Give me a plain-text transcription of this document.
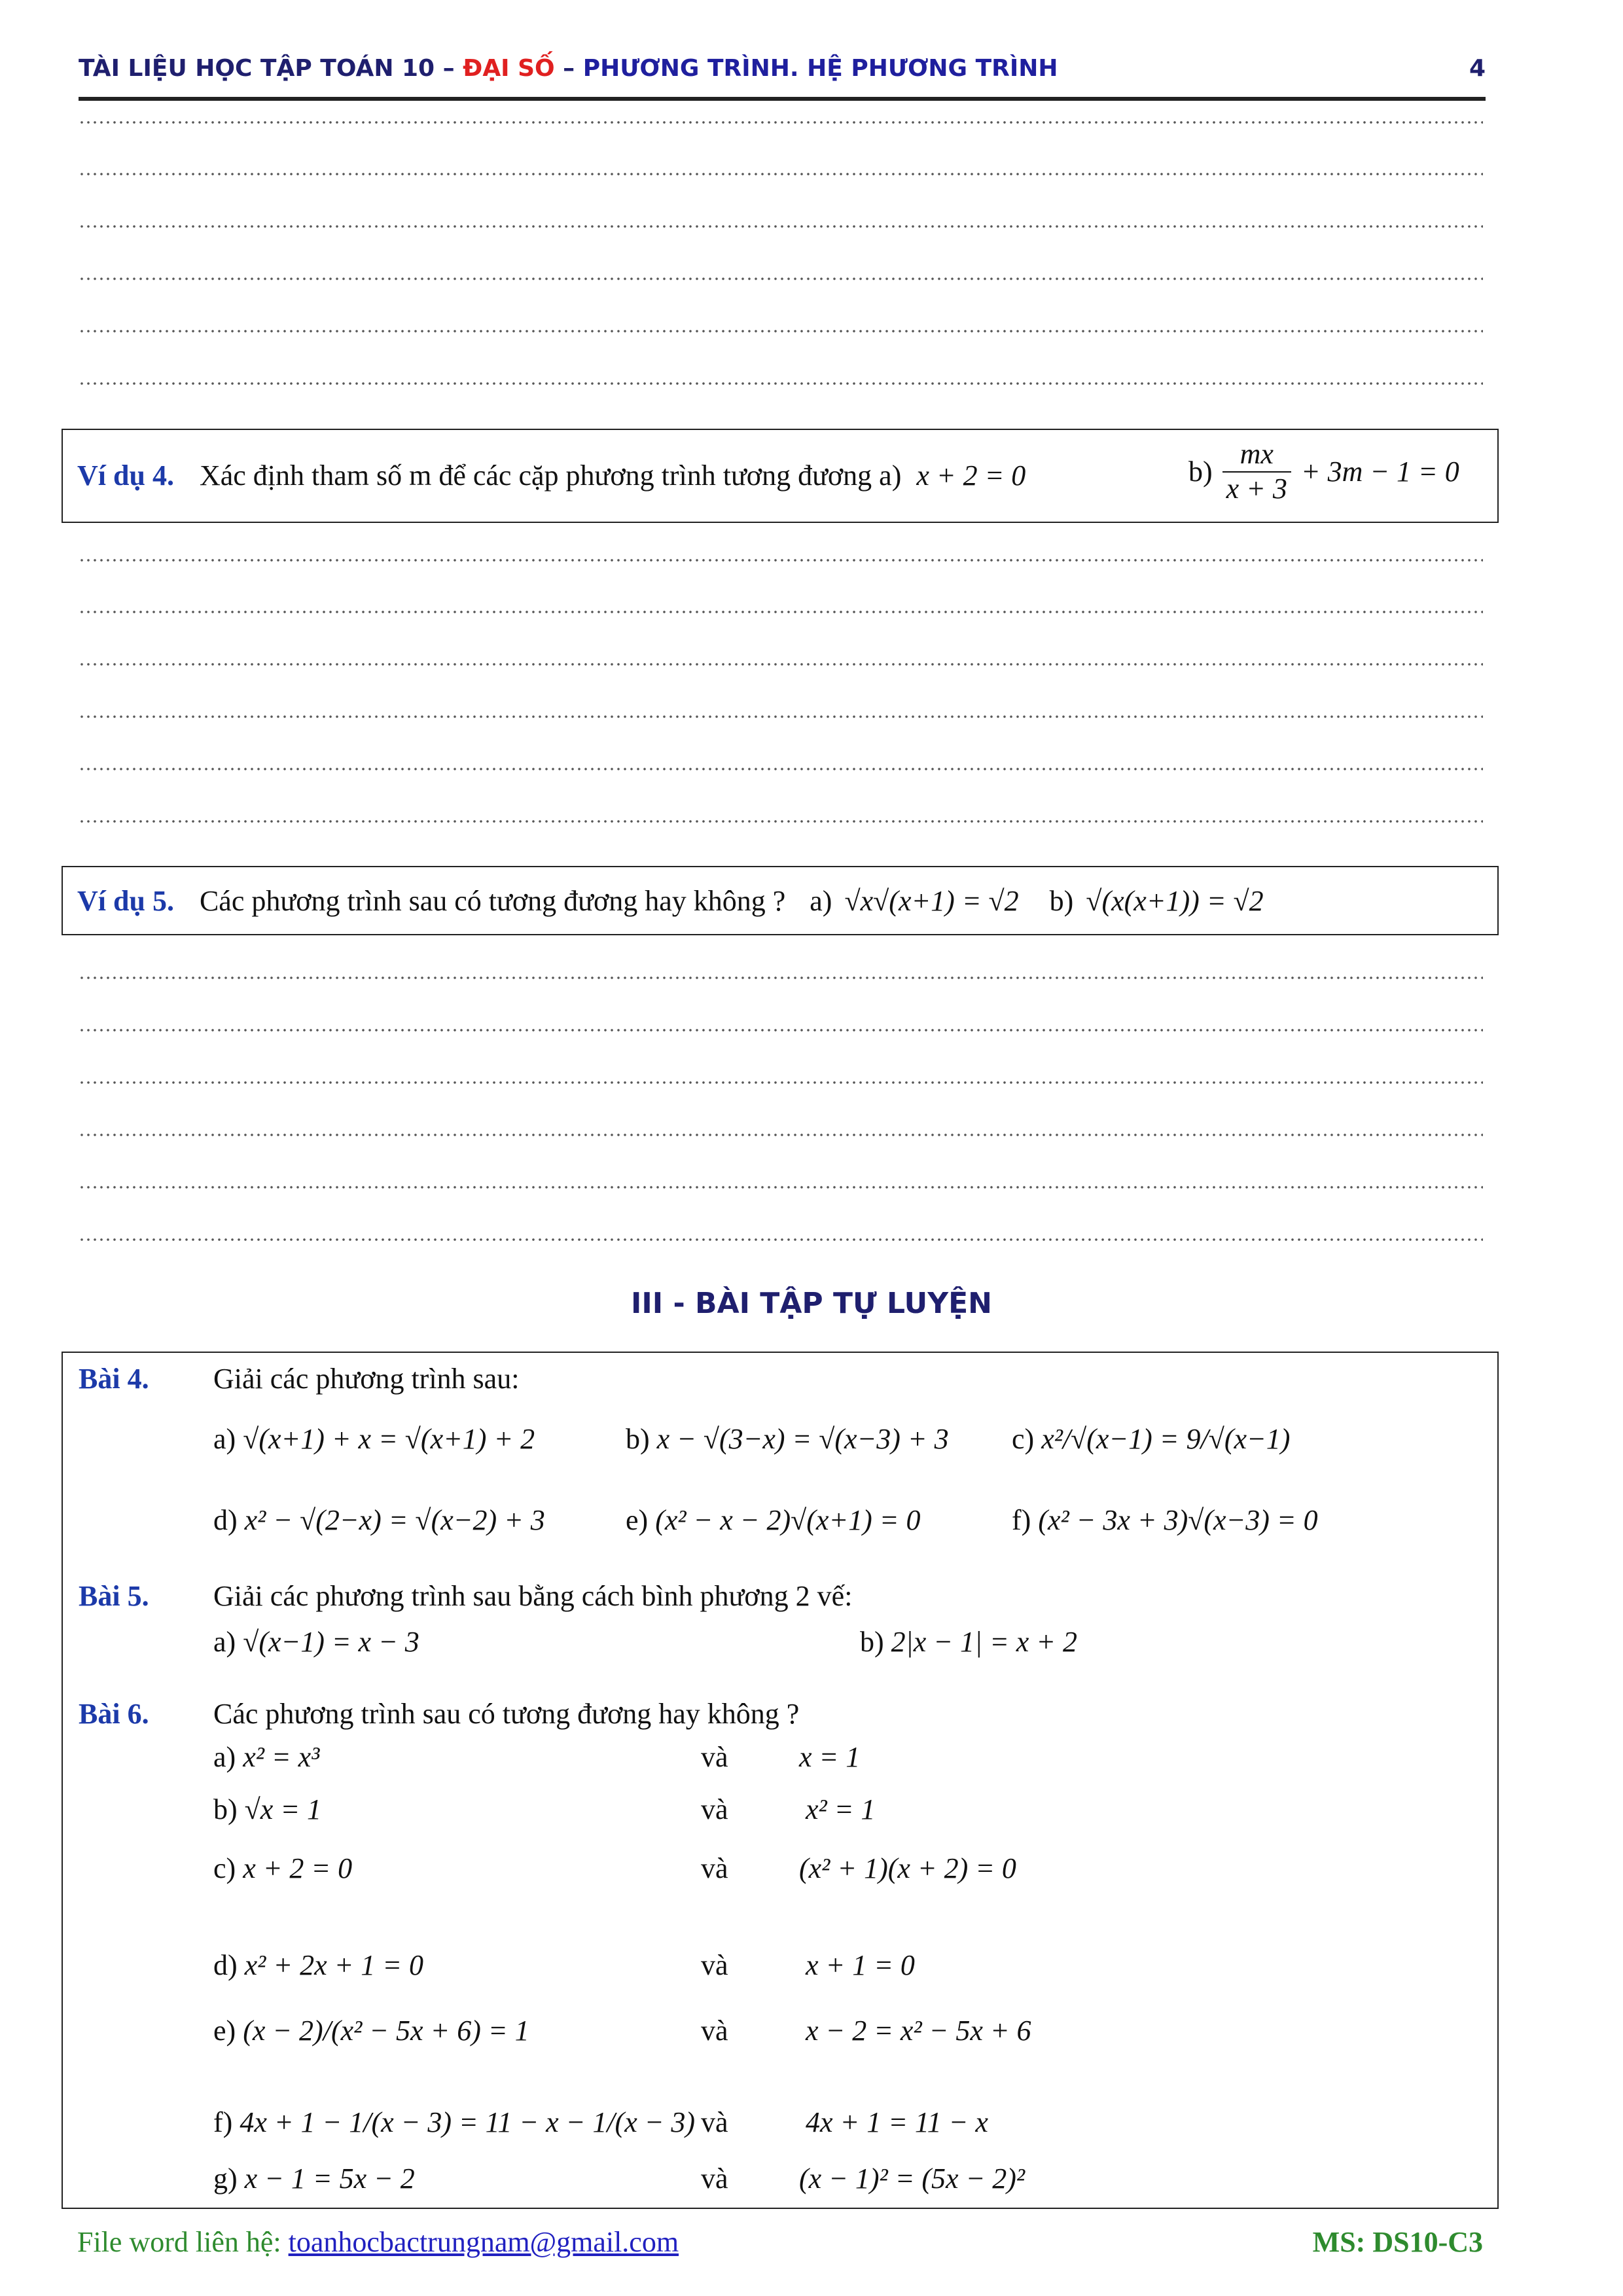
TÀI LIỆU HỌC TẬP TOÁN 10 – ĐẠI SỐ – PHƯƠNG TRÌNH. HỆ PHƯƠNG TRÌNH	4
Ví dụ 4. Xác định tham số m để các cặp phương trình tương đương a) x + 2 = 0	$b) \frac{mx}{x + 3} + 3m - 1 = 0$
Ví dụ 5. Các phương trình sau có tương đương hay không ? a) √x√(x+1) = √2 b) √(x(x+1)) = √2
III - BÀI TẬP TỰ LUYỆN
Bài 4. Giải các phương trình sau:
a) √(x+1) + x = √(x+1) + 2	b) x − √(3−x) = √(x−3) + 3 c) x²/√(x−1) = 9/√(x−1)
d) x² − √(2−x) = √(x−2) + 3	e) (x² − x − 2)√(x+1) = 0	f) (x² − 3x + 3)√(x−3) = 0
Bài 5. Giải các phương trình sau bằng cách bình phương 2 vế:
a) √(x−1) = x − 3	b) 2|x − 1| = x + 2
Bài 6. Các phương trình sau có tương đương hay không ?
a) x² = x³	và x = 1
b) √x = 1	và	x² = 1
c) x + 2 = 0	và (x² + 1)(x + 2) = 0
d) x² + 2x + 1 = 0	và	x + 1 = 0
e) (x − 2)/(x² − 5x + 6) = 1	và	x − 2 = x² − 5x + 6
f) 4x + 1 − 1/(x − 3) = 11 − x − 1/(x − 3) và	4x + 1 = 11 − x
g) x − 1 = 5x − 2	và (x − 1)² = (5x − 2)²
File word liên hệ: toanhocbactrungnam@gmail.com	MS: DS10-C3
